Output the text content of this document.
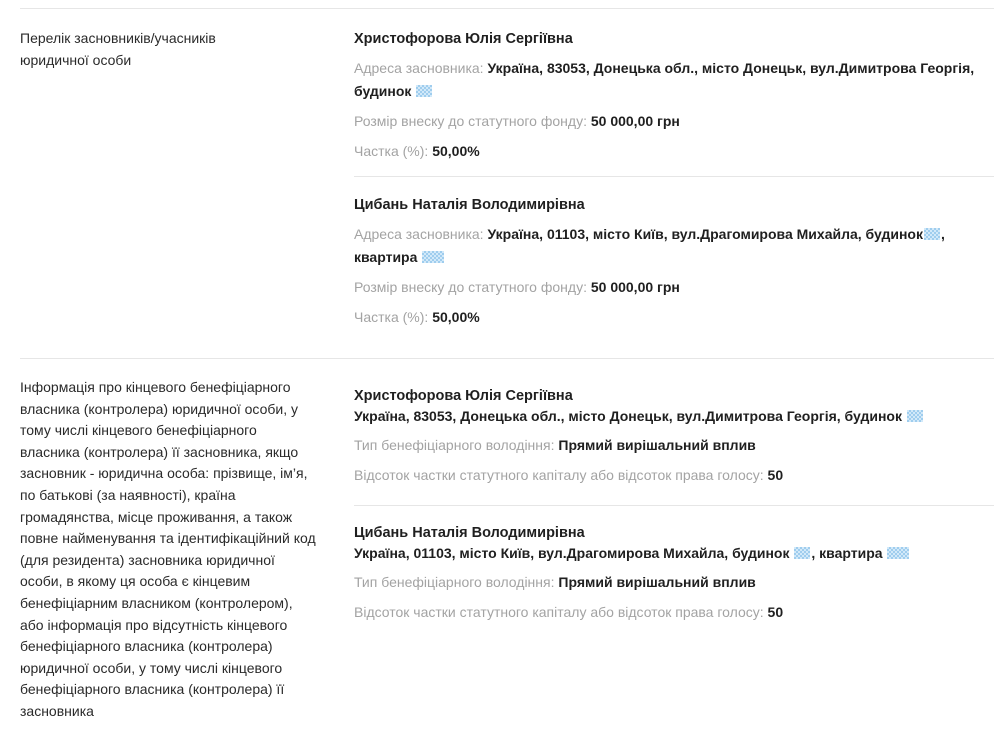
Перелік засновників/учасників юридичної особи
Христофорова Юлія Сергіївна
Адреса засновника: Україна, 83053, Донецька обл., місто Донецьк, вул.Димитрова Георгія,
будинок
Розмір внеску до статутного фонду: 50 000,00 грн
Частка (%): 50,00%
Цибань Наталія Володимирівна
Адреса засновника: Україна, 01103, місто Київ, вул.Драгомирова Михайла, будинок ,
квартира
Розмір внеску до статутного фонду: 50 000,00 грн
Частка (%): 50,00%
Інформація про кінцевого бенефіціарного власника (контролера) юридичної особи, у тому числі кінцевого бенефіціарного власника (контролера) її засновника, якщо засновник - юридична особа: прізвище, ім’я, по батькові (за наявності), країна громадянства, місце проживання, а також повне найменування та ідентифікаційний код (для резидента) засновника юридичної особи, в якому ця особа є кінцевим бенефіціарним власником (контролером), або інформація про відсутність кінцевого бенефіціарного власника (контролера) юридичної особи, у тому числі кінцевого бенефіціарного власника (контролера) її засновника
Христофорова Юлія Сергіївна
Україна, 83053, Донецька обл., місто Донецьк, вул.Димитрова Георгія, будинок
Тип бенефіціарного володіння: Прямий вирішальний вплив
Відсоток частки статутного капіталу або відсоток права голосу: 50
Цибань Наталія Володимирівна
Україна, 01103, місто Київ, вул.Драгомирова Михайла, будинок , квартира
Тип бенефіціарного володіння: Прямий вирішальний вплив
Відсоток частки статутного капіталу або відсоток права голосу: 50
